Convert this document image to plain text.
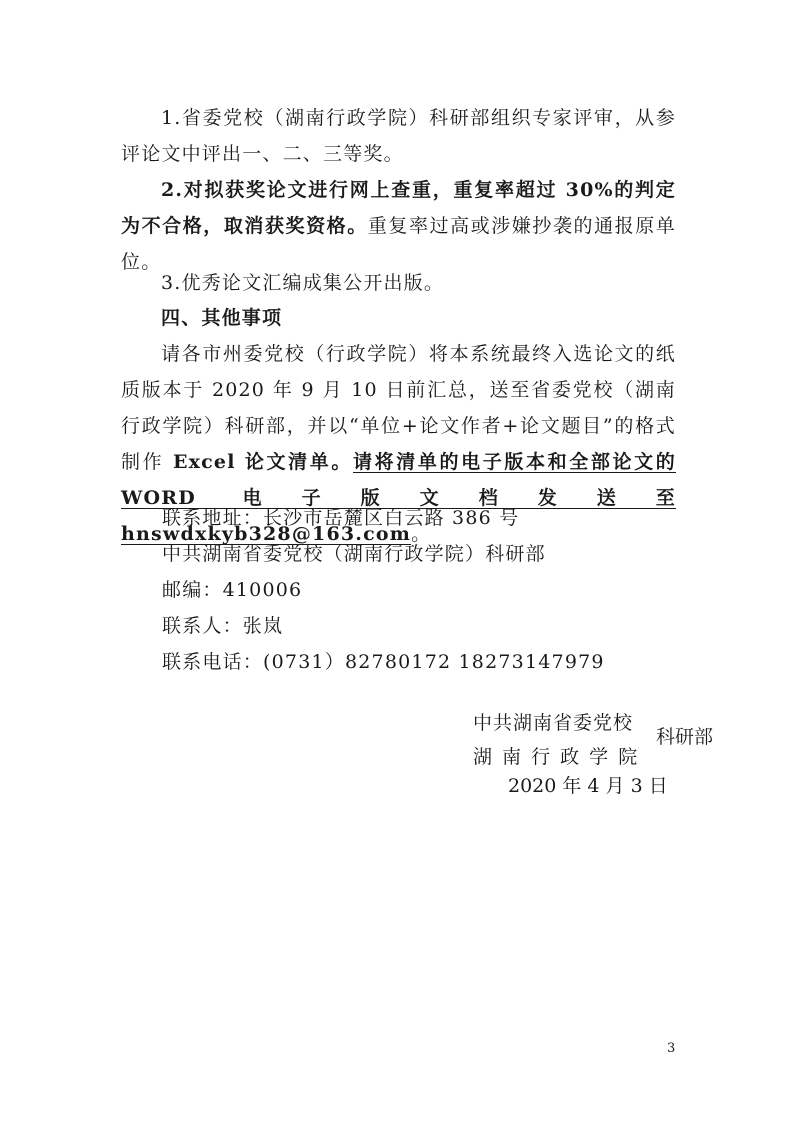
1.省委党校（湖南行政学院）科研部组织专家评审，从参评论文中评出一、二、三等奖。

2.对拟获奖论文进行网上查重，重复率超过 30%的判定为不合格，取消获奖资格。重复率过高或涉嫌抄袭的通报原单位。

3.优秀论文汇编成集公开出版。

四、其他事项

请各市州委党校（行政学院）将本系统最终入选论文的纸质版本于 2020 年 9 月 10 日前汇总，送至省委党校（湖南行政学院）科研部，并以“单位+论文作者+论文题目”的格式制作 Excel 论文清单。请将清单的电子版本和全部论文的 WORD 电子版文档发送至 hnswdxkyb328@163.com。

联系地址：长沙市岳麓区白云路 386 号

中共湖南省委党校（湖南行政学院）科研部

邮编：410006

联系人：张岚

联系电话：(0731）82780172 18273147979

中共湖南省委党校
湖 南 行 政 学 院
科研部
2020 年 4 月 3 日
3
